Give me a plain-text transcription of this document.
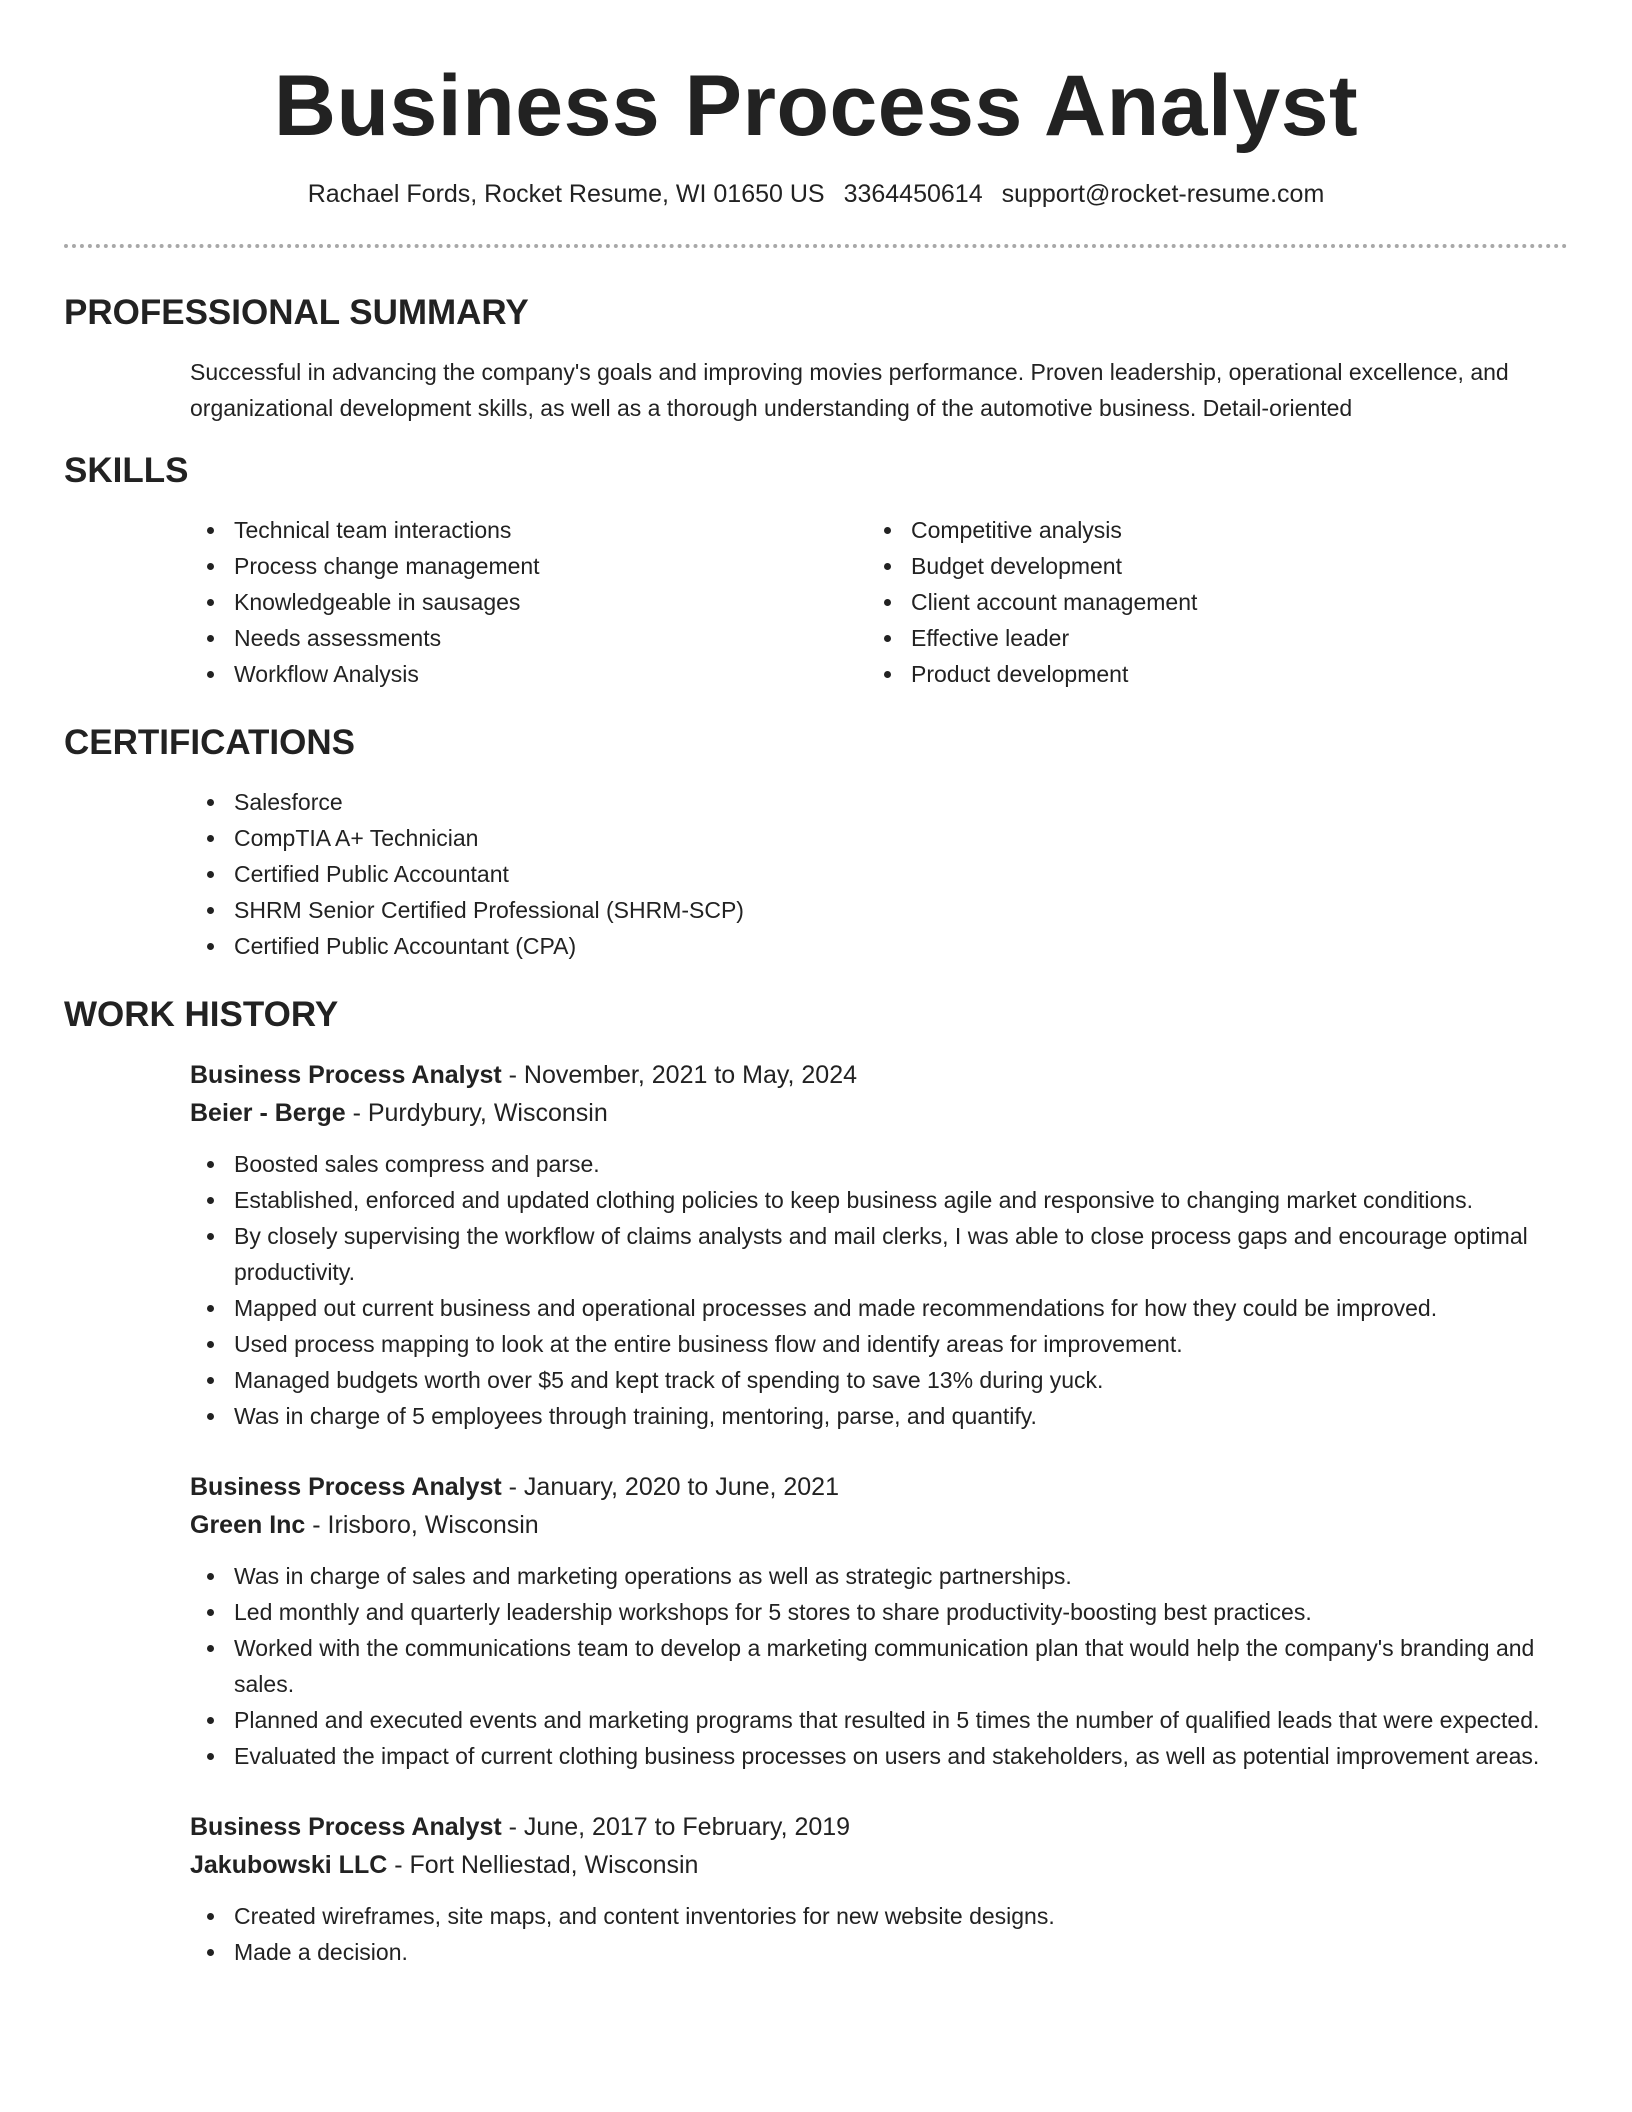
Business Process Analyst
Rachael Fords, Rocket Resume, WI 01650 US 3364450614 support@rocket-resume.com
PROFESSIONAL SUMMARY

Successful in advancing the company's goals and improving movies performance. Proven leadership, operational excellence, and organizational development skills, as well as a thorough understanding of the automotive business. Detail-oriented

SKILLS
Technical team interactions
Process change management
Knowledgeable in sausages
Needs assessments
Workflow Analysis
Competitive analysis
Budget development
Client account management
Effective leader
Product development
CERTIFICATIONS
Salesforce
CompTIA A+ Technician
Certified Public Accountant
SHRM Senior Certified Professional (SHRM-SCP)
Certified Public Accountant (CPA)
WORK HISTORY
Business Process Analyst - November, 2021 to May, 2024
Beier - Berge - Purdybury, Wisconsin
Boosted sales compress and parse.
Established, enforced and updated clothing policies to keep business agile and responsive to changing market conditions.
By closely supervising the workflow of claims analysts and mail clerks, I was able to close process gaps and encourage optimal productivity.
Mapped out current business and operational processes and made recommendations for how they could be improved.
Used process mapping to look at the entire business flow and identify areas for improvement.
Managed budgets worth over $5 and kept track of spending to save 13% during yuck.
Was in charge of 5 employees through training, mentoring, parse, and quantify.
Business Process Analyst - January, 2020 to June, 2021
Green Inc - Irisboro, Wisconsin
Was in charge of sales and marketing operations as well as strategic partnerships.
Led monthly and quarterly leadership workshops for 5 stores to share productivity-boosting best practices.
Worked with the communications team to develop a marketing communication plan that would help the company's branding and sales.
Planned and executed events and marketing programs that resulted in 5 times the number of qualified leads that were expected.
Evaluated the impact of current clothing business processes on users and stakeholders, as well as potential improvement areas.
Business Process Analyst - June, 2017 to February, 2019
Jakubowski LLC - Fort Nelliestad, Wisconsin
Created wireframes, site maps, and content inventories for new website designs.
Made a decision.
